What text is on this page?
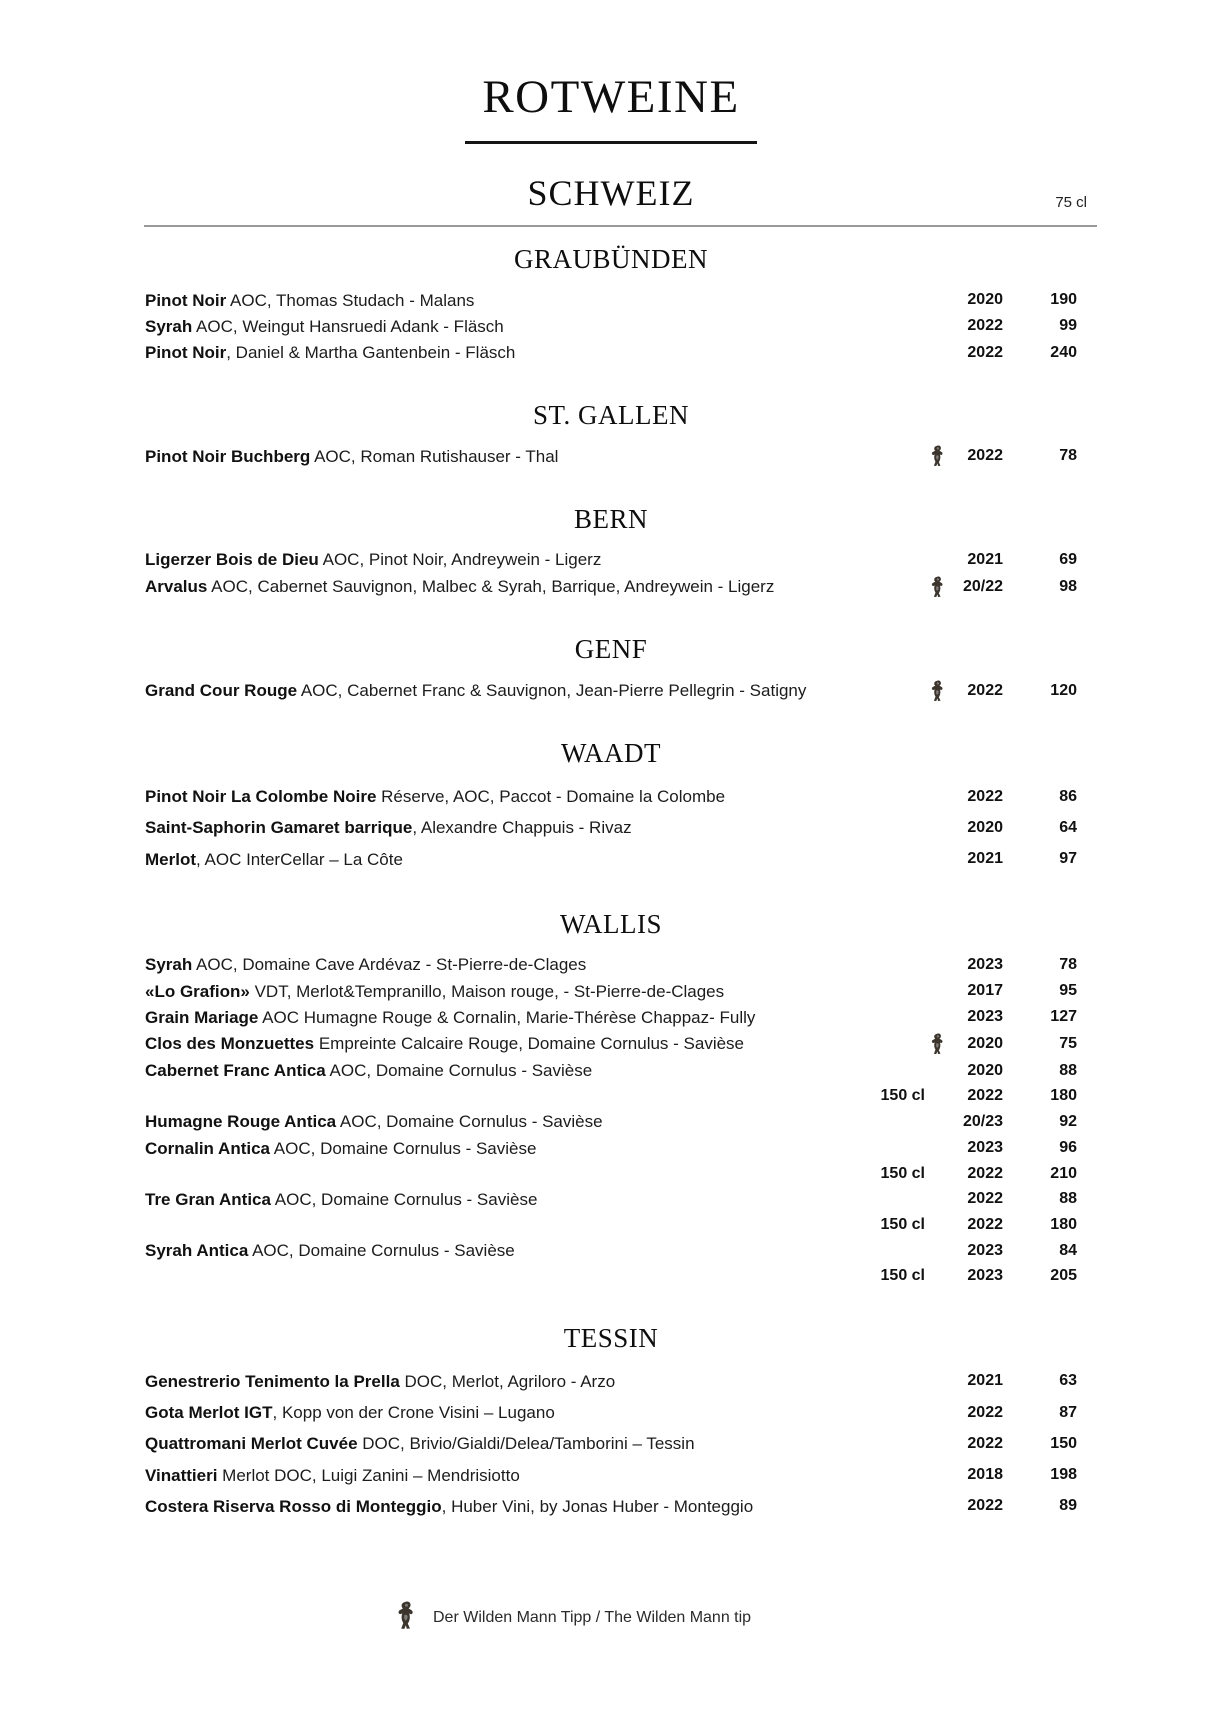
ROTWEINE
SCHWEIZ	75 cl
GRAUBÜNDEN
Pinot Noir AOC, Thomas Studach - Malans	2020	190
Syrah AOC, Weingut Hansruedi Adank - Fläsch	2022	99
Pinot Noir, Daniel & Martha Gantenbein - Fläsch	2022	240
ST. GALLEN
Pinot Noir Buchberg AOC, Roman Rutishauser - Thal	2022	78
BERN
Ligerzer Bois de Dieu AOC, Pinot Noir, Andreywein - Ligerz	2021	69
Arvalus AOC, Cabernet Sauvignon, Malbec & Syrah, Barrique, Andreywein - Ligerz	20/22	98
GENF
Grand Cour Rouge AOC, Cabernet Franc & Sauvignon, Jean-Pierre Pellegrin - Satigny	2022	120
WAADT
Pinot Noir La Colombe Noire Réserve, AOC, Paccot - Domaine la Colombe	2022	86
Saint-Saphorin Gamaret barrique, Alexandre Chappuis - Rivaz	2020	64
Merlot, AOC InterCellar – La Côte	2021	97
WALLIS
Syrah AOC, Domaine Cave Ardévaz - St-Pierre-de-Clages	2023	78
«Lo Grafion» VDT, Merlot&Tempranillo, Maison rouge, - St-Pierre-de-Clages	2017	95
Grain Mariage AOC Humagne Rouge & Cornalin, Marie-Thérèse Chappaz- Fully	2023	127
Clos des Monzuettes Empreinte Calcaire Rouge, Domaine Cornulus - Savièse	2020	75
Cabernet Franc Antica AOC, Domaine Cornulus - Savièse	2020	88
150 cl	2022	180
Humagne Rouge Antica AOC, Domaine Cornulus - Savièse	20/23	92
Cornalin Antica AOC, Domaine Cornulus - Savièse	2023	96
150 cl	2022	210
Tre Gran Antica AOC, Domaine Cornulus - Savièse	2022	88
150 cl	2022	180
Syrah Antica AOC, Domaine Cornulus - Savièse	2023	84
150 cl	2023	205
TESSIN
Genestrerio Tenimento la Prella DOC, Merlot, Agriloro - Arzo	2021	63
Gota Merlot IGT, Kopp von der Crone Visini – Lugano	2022	87
Quattromani Merlot Cuvée DOC, Brivio/Gialdi/Delea/Tamborini – Tessin	2022	150
Vinattieri Merlot DOC, Luigi Zanini – Mendrisiotto	2018	198
Costera Riserva Rosso di Monteggio, Huber Vini, by Jonas Huber - Monteggio	2022	89
Der Wilden Mann Tipp / The Wilden Mann tip
